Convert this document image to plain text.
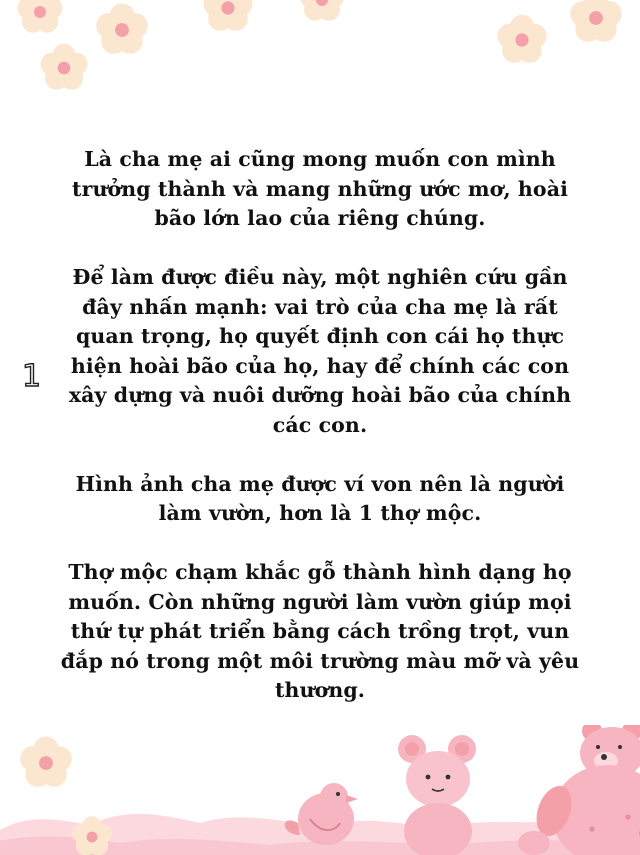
1

Là cha mẹ ai cũng mong muốn con mình trưởng thành và mang những ước mơ, hoài bão lớn lao của riêng chúng.

Để làm được điều này, một nghiên cứu gần đây nhấn mạnh: vai trò của cha mẹ là rất quan trọng, họ quyết định con cái họ thực hiện hoài bão của họ, hay để chính các con xây dựng và nuôi dưỡng hoài bão của chính các con.

Hình ảnh cha mẹ được ví von nên là người làm vườn, hơn là 1 thợ mộc.

Thợ mộc chạm khắc gỗ thành hình dạng họ muốn. Còn những người làm vườn giúp mọi thứ tự phát triển bằng cách trồng trọt, vun đắp nó trong một môi trường màu mỡ và yêu thương.
